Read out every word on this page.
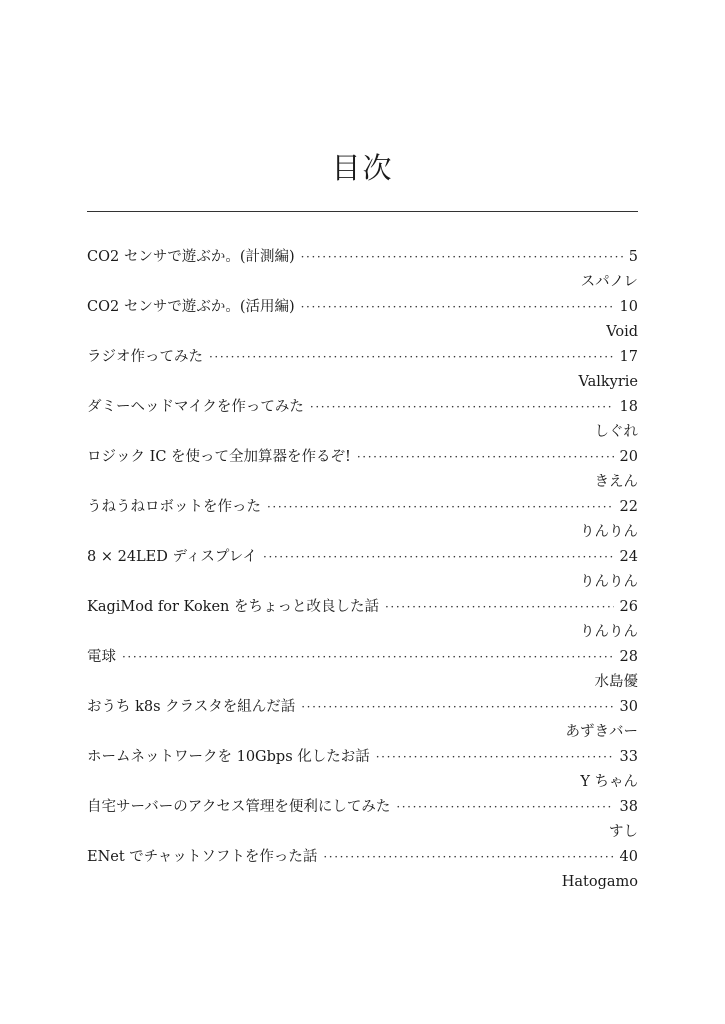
目次
CO2 センサで遊ぶか。(計測編) ·····	5
スパノレ
CO2 センサで遊ぶか。(活用編) ·····	10
Void
ラジオ作ってみた ·····	17
Valkyrie
ダミーヘッドマイクを作ってみた ·····	18
しぐれ
ロジック IC を使って全加算器を作るぞ! ·····	20
きえん
うねうねロボットを作った ·····	22
りんりん
8 × 24LED ディスプレイ ·····	24
りんりん
KagiMod for Koken をちょっと改良した話 ·····	26
りんりん
電球 ·····	28
水島優
おうち k8s クラスタを組んだ話 ·····	30
あずきバー
ホームネットワークを 10Gbps 化したお話 ·····	33
Y ちゃん
自宅サーバーのアクセス管理を便利にしてみた ·····	38
すし
ENet でチャットソフトを作った話 ·····	40
Hatogamo
